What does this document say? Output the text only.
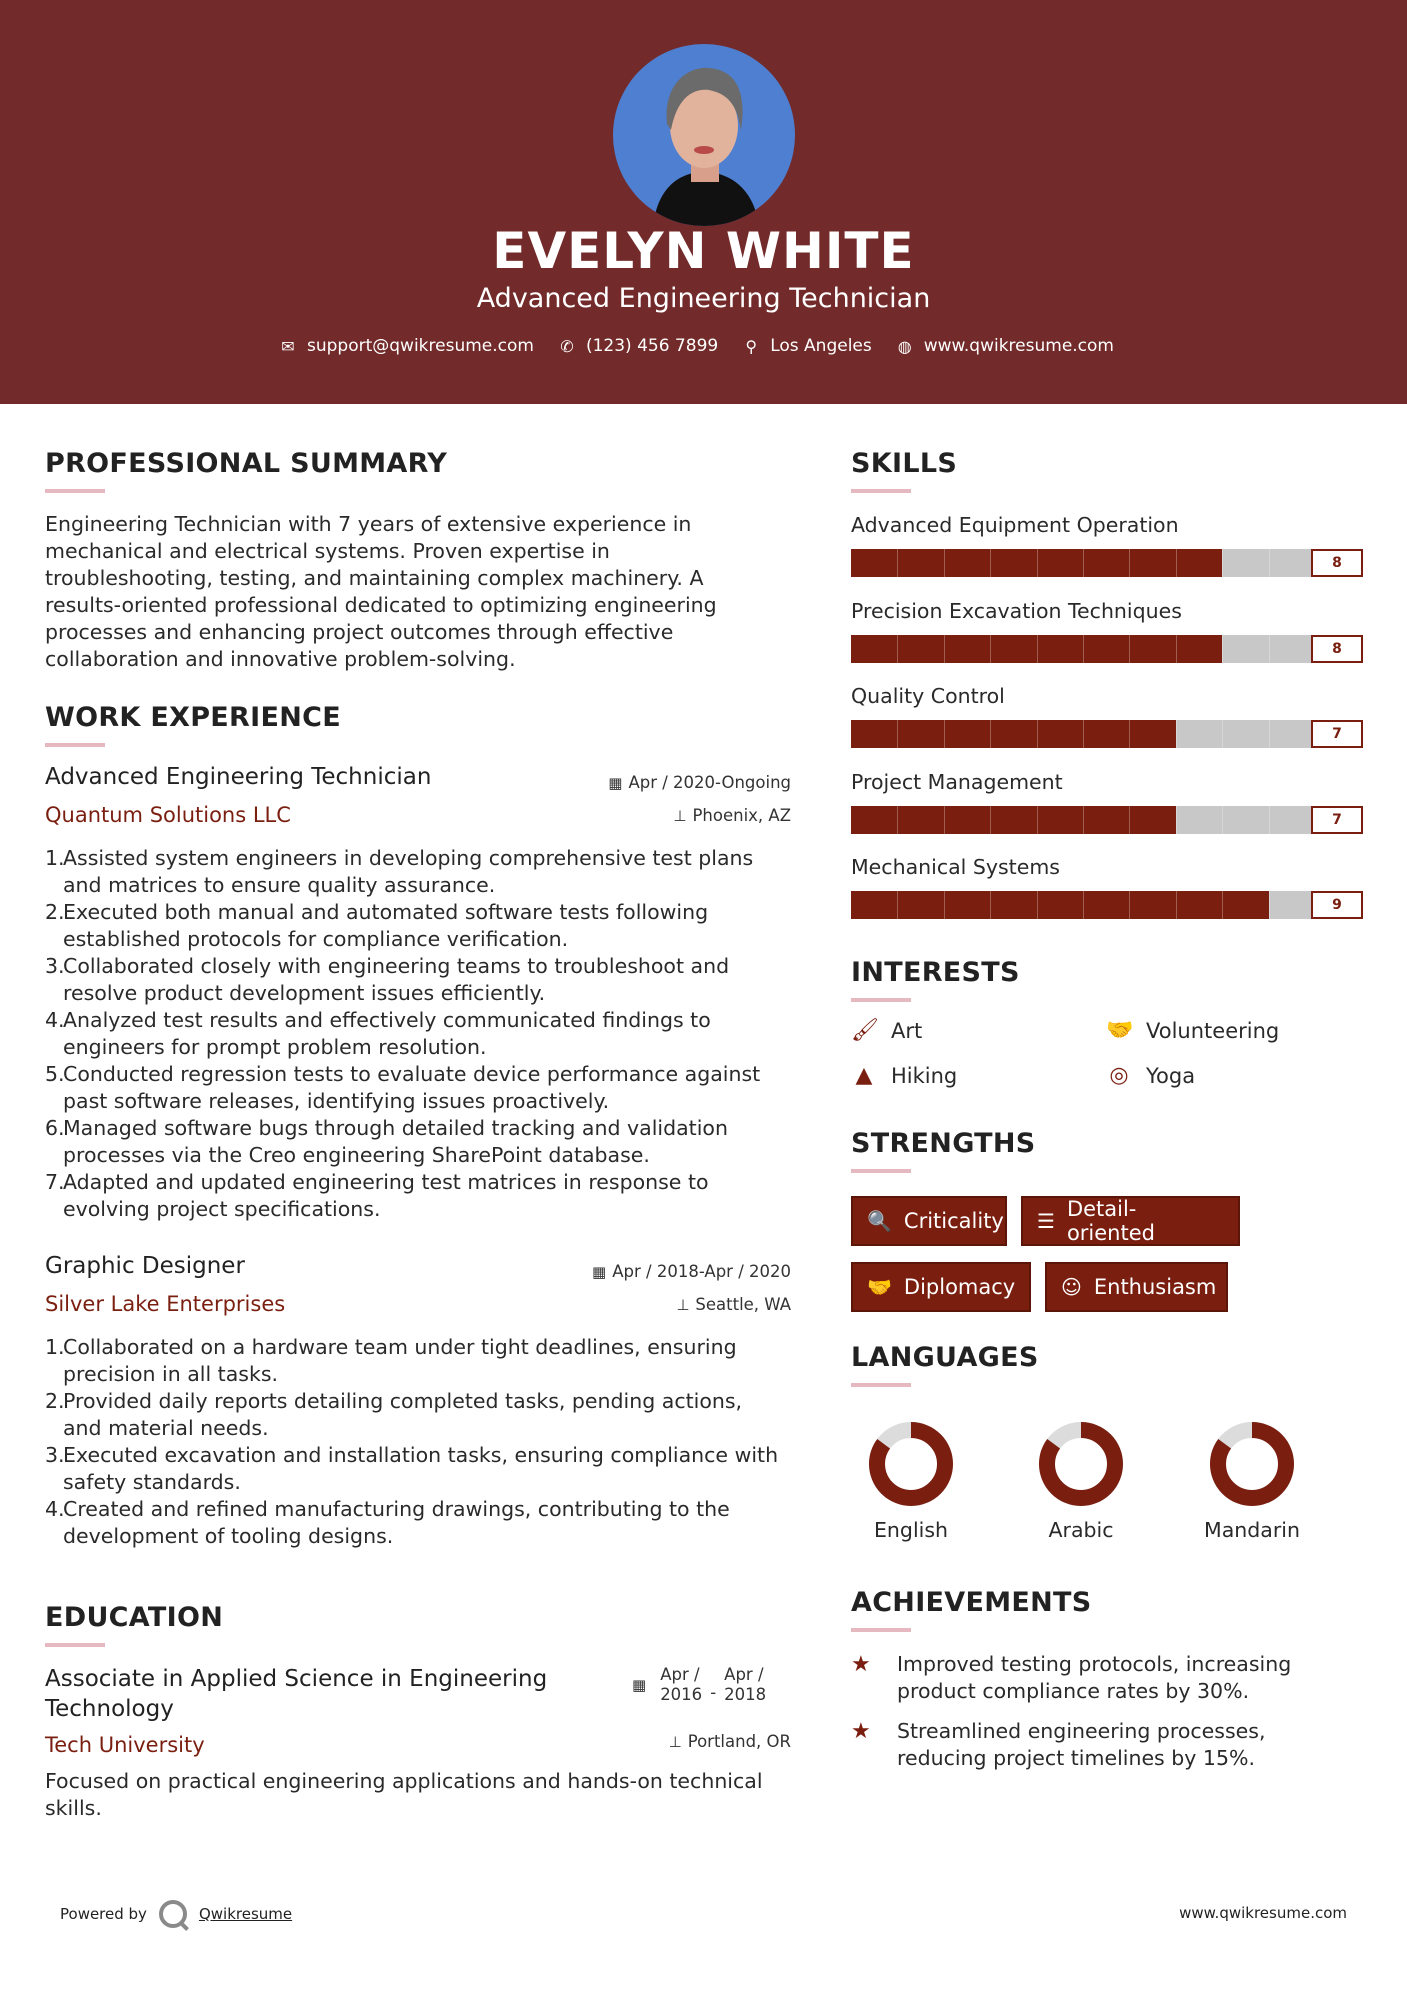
EVELYN WHITE
Advanced Engineering Technician
✉ support@qwikresume.com ✆ (123) 456 7899 ⚲ Los Angeles ◍ www.qwikresume.com
PROFESSIONAL SUMMARY
Engineering Technician with 7 years of extensive experience in
mechanical and electrical systems. Proven expertise in
troubleshooting, testing, and maintaining complex machinery. A
results-oriented professional dedicated to optimizing engineering
processes and enhancing project outcomes through effective
collaboration and innovative problem-solving.
WORK EXPERIENCE
Advanced Engineering Technician	▦ Apr / 2020-Ongoing
Quantum Solutions LLC	⊥ Phoenix, AZ
1.
Assisted system engineers in developing comprehensive test plans
and matrices to ensure quality assurance.
2.
Executed both manual and automated software tests following
established protocols for compliance verification.
3.
Collaborated closely with engineering teams to troubleshoot and
resolve product development issues efficiently.
4.
Analyzed test results and effectively communicated findings to
engineers for prompt problem resolution.
5.
Conducted regression tests to evaluate device performance against
past software releases, identifying issues proactively.
6.
Managed software bugs through detailed tracking and validation
processes via the Creo engineering SharePoint database.
7.
Adapted and updated engineering test matrices in response to
evolving project specifications.
Graphic Designer	▦ Apr / 2018-Apr / 2020
Silver Lake Enterprises	⊥ Seattle, WA
1.
Collaborated on a hardware team under tight deadlines, ensuring
precision in all tasks.
2.
Provided daily reports detailing completed tasks, pending actions,
and material needs.
3.
Executed excavation and installation tasks, ensuring compliance with
safety standards.
4.
Created and refined manufacturing drawings, contributing to the
development of tooling designs.
EDUCATION
Associate in Applied Science in Engineering
Technology
▦
Apr /
2016 -
Apr /
2018
Tech University	⊥ Portland, OR
Focused on practical engineering applications and hands-on technical
skills.
SKILLS
Advanced Equipment Operation
8
Precision Excavation Techniques
8
Quality Control
7
Project Management
7
Mechanical Systems
9
INTERESTS
🖌 Art	🤝 Volunteering
▲ Hiking	◎ Yoga
STRENGTHS
🔍 Criticality ☰ Detail-oriented
🤝 Diplomacy ☺ Enthusiasm
LANGUAGES
English	Arabic	Mandarin
ACHIEVEMENTS
★	Improved testing protocols, increasing
product compliance rates by 30%.
★	Streamlined engineering processes,
reducing project timelines by 15%.
Powered by	Qwikresume	www.qwikresume.com
